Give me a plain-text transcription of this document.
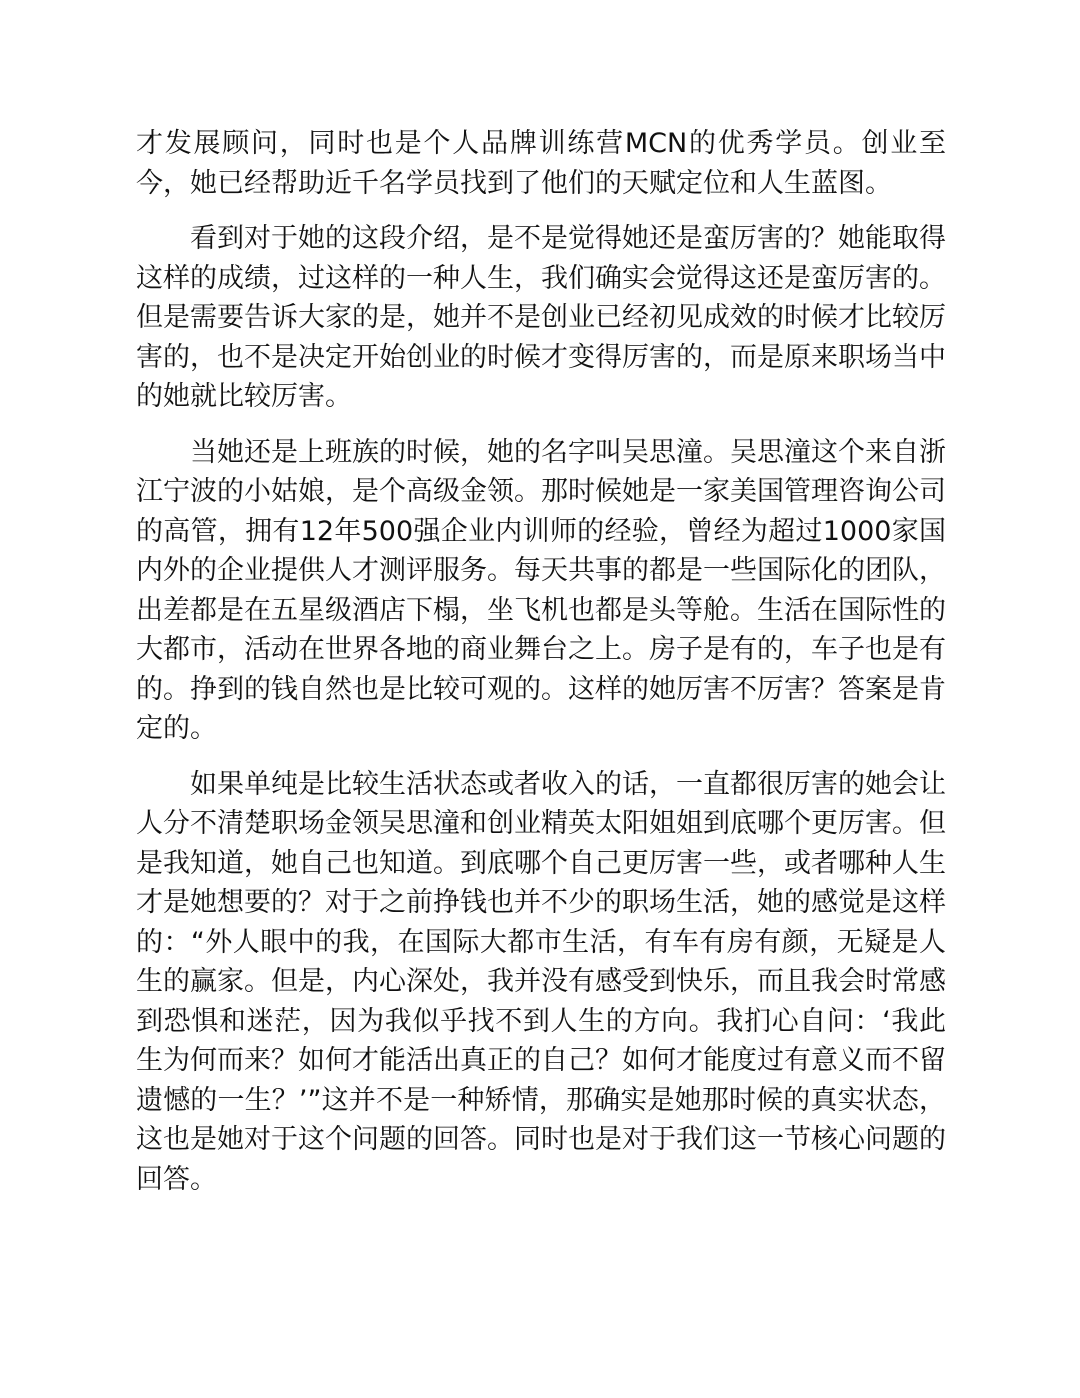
才发展顾问，同时也是个人品牌训练营MCN的优秀学员。创业至今，她已经帮助近千名学员找到了他们的天赋定位和人生蓝图。

看到对于她的这段介绍，是不是觉得她还是蛮厉害的？她能取得这样的成绩，过这样的一种人生，我们确实会觉得这还是蛮厉害的。但是需要告诉大家的是，她并不是创业已经初见成效的时候才比较厉害的，也不是决定开始创业的时候才变得厉害的，而是原来职场当中的她就比较厉害。

当她还是上班族的时候，她的名字叫吴思潼。吴思潼这个来自浙江宁波的小姑娘，是个高级金领。那时候她是一家美国管理咨询公司的高管，拥有12年500强企业内训师的经验，曾经为超过1000家国内外的企业提供人才测评服务。每天共事的都是一些国际化的团队，出差都是在五星级酒店下榻，坐飞机也都是头等舱。生活在国际性的大都市，活动在世界各地的商业舞台之上。房子是有的，车子也是有的。挣到的钱自然也是比较可观的。这样的她厉害不厉害？答案是肯定的。

如果单纯是比较生活状态或者收入的话，一直都很厉害的她会让人分不清楚职场金领吴思潼和创业精英太阳姐姐到底哪个更厉害。但是我知道，她自己也知道。到底哪个自己更厉害一些，或者哪种人生才是她想要的？对于之前挣钱也并不少的职场生活，她的感觉是这样的：“外人眼中的我，在国际大都市生活，有车有房有颜，无疑是人生的赢家。但是，内心深处，我并没有感受到快乐，而且我会时常感到恐惧和迷茫，因为我似乎找不到人生的方向。我扪心自问：‘我此生为何而来？如何才能活出真正的自己？如何才能度过有意义而不留遗憾的一生？’”这并不是一种矫情，那确实是她那时候的真实状态，这也是她对于这个问题的回答。同时也是对于我们这一节核心问题的回答。
